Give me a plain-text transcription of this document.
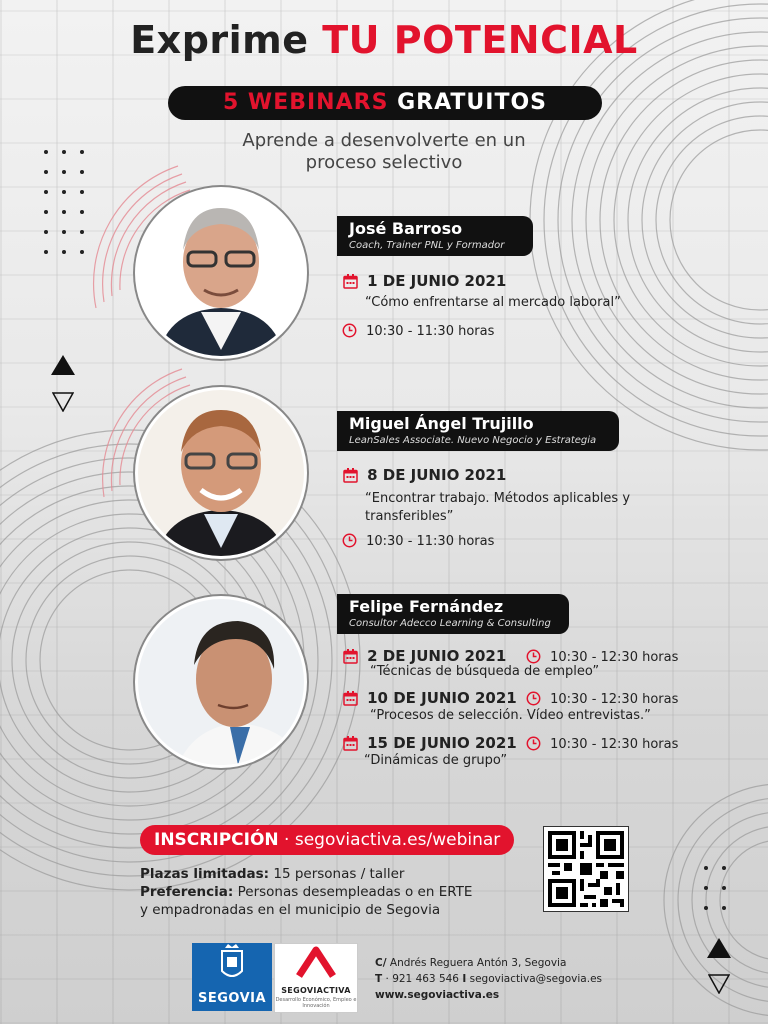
Exprime TU POTENCIAL
5 WEBINARS GRATUITOS
Aprende a desenvolverte en un
proceso selectivo
José Barroso
Coach, Trainer PNL y Formador
1 DE JUNIO 2021
“Cómo enfrentarse al mercado laboral”
10:30 - 11:30 horas
Miguel Ángel Trujillo
LeanSales Associate. Nuevo Negocio y Estrategia
8 DE JUNIO 2021
“Encontrar trabajo. Métodos aplicables y
transferibles”
10:30 - 11:30 horas
Felipe Fernández
Consultor Adecco Learning & Consulting
2 DE JUNIO 2021	10:30 - 12:30 horas
“Técnicas de búsqueda de empleo”
10 DE JUNIO 2021	10:30 - 12:30 horas
“Procesos de selección. Vídeo entrevistas.”
15 DE JUNIO 2021	10:30 - 12:30 horas
“Dinámicas de grupo”
INSCRIPCIÓN · segoviactiva.es/webinar
Plazas limitadas: 15 personas / taller
Preferencia: Personas desempleadas o en ERTE
y empadronadas en el municipio de Segovia
SEGOVIA
SEGOVIACTIVA
Desarrollo Económico, Empleo e Innovación
C/ Andrés Reguera Antón 3, Segovia
T · 921 463 546 I segoviactiva@segovia.es
www.segoviactiva.es
